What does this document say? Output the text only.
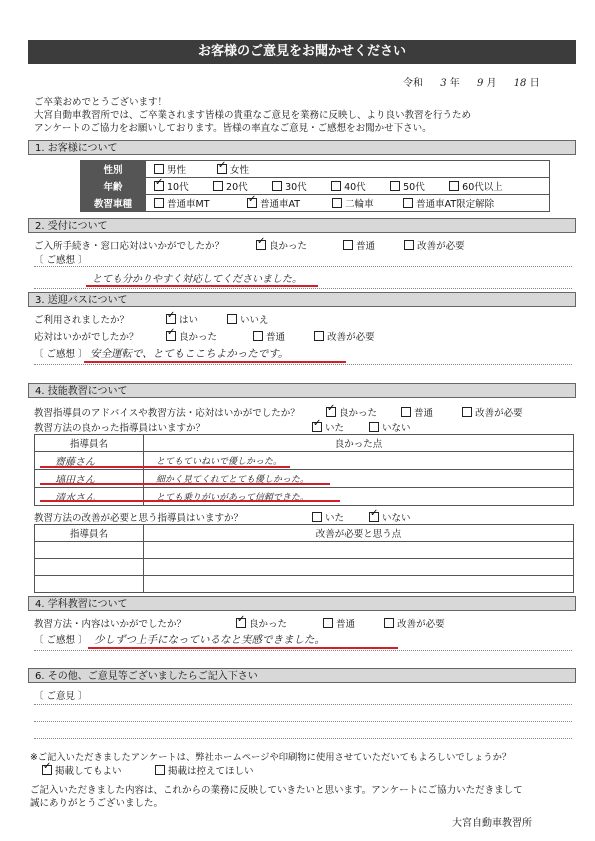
お客様のご意見をお聞かせください
令和 3 年 9 月 18 日
ご卒業おめでとうございます！
大宮自動車教習所では、ご卒業されます皆様の貴重なご意見を業務に反映し、より良い教習を行うため
アンケートのご協力をお願いしております。皆様の率直なご意見・ご感想をお聞かせ下さい。
1. お客様について
性別	男性 ✓ 女性
年齢	✓10代 20代 30代 40代 50代 60代以上
教習車種	普通車MT ✓ 普通車AT 二輪車 普通車AT限定解除
2. 受付について
ご入所手続き・窓口応対はいかがでしたか？ ✓	良かった	普通	改善が必要
〔 ご感想 〕
とても分かりやすく対応してくださいました。
3. 送迎バスについて
ご利用されましたか？ ✓	はい	いいえ
応対はいかがでしたか？ ✓	良かった	普通	改善が必要
〔 ご感想 〕 安全運転で、とてもここちよかったです。
4. 技能教習について
教習指導員のアドバイスや教習方法・応対はいかがでしたか？ ✓	良かった	普通	改善が必要
教習方法の良かった指導員はいますか？ ✓	いた	いない
指導員名	良かった点
齋藤さん	とてもていねいで優しかった。
塙田さん	細かく見てくれてとても優しかった。
清水さん	とても乗りがいがあって信頼できた。
教習方法の改善が必要と思う指導員はいますか？	いた ✓	いない
指導員名	改善が必要と思う点

4. 学科教習について
教習方法・内容はいかがでしたか？ ✓	良かった	普通	改善が必要
〔 ご感想 〕 少しずつ上手になっているなと実感できました。
6. その他、ご意見等ございましたらご記入下さい
〔 ご意見 〕
※ご記入いただきましたアンケートは、弊社ホームページや印刷物に使用させていただいてもよろしいでしょうか？
✓掲載してもよい	掲載は控えてほしい
ご記入いただきました内容は、これからの業務に反映していきたいと思います。アンケートにご協力いただきまして
誠にありがとうございました。
大宮自動車教習所
